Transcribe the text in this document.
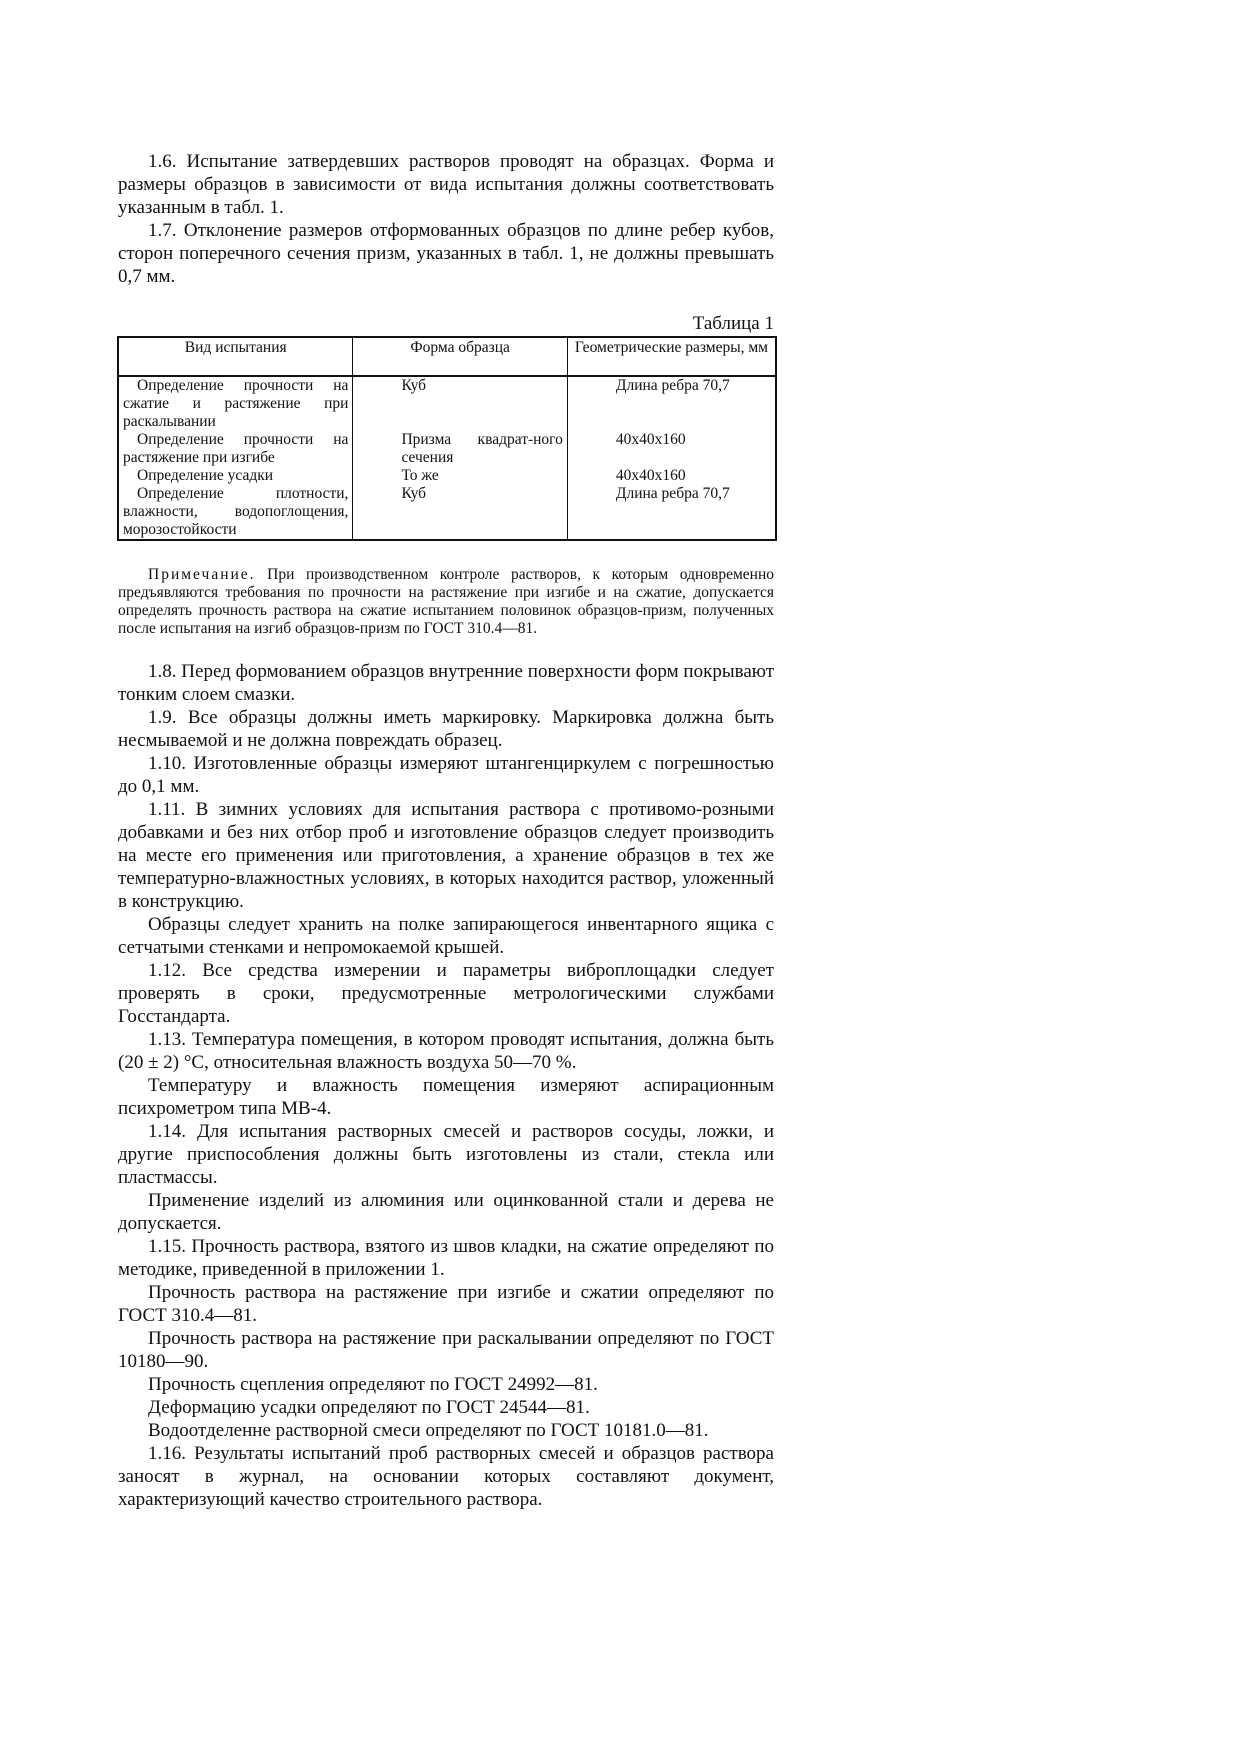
1.6. Испытание затвердевших растворов проводят на образцах. Форма и размеры образцов в зависимости от вида испытания должны соответствовать указанным в табл. 1.

1.7. Отклонение размеров отформованных образцов по длине ребер кубов, сторон поперечного сечения призм, указанных в табл. 1, не должны превышать 0,7 мм.

Таблица 1

Вид испытания	Форма образца	Геометрические размеры, мм
Определение прочности на сжатие и растяжение при раскалывании	Куб	Длина ребра 70,7
Определение прочности на растяжение при изгибе	Призма квадрат-ного сечения	40x40x160
Определение усадки	То же	40x40x160
Определение плотности, влажности, водопоглощения, морозостойкости	Куб	Длина ребра 70,7

Примечание. При производственном контроле растворов, к которым одновременно предъявляются требования по прочности на растяжение при изгибе и на сжатие, допускается определять прочность раствора на сжатие испытанием половинок образцов-призм, полученных после испытания на изгиб образцов-призм по ГОСТ 310.4—81.

1.8. Перед формованием образцов внутренние поверхности форм покрывают тонким слоем смазки.

1.9. Все образцы должны иметь маркировку. Маркировка должна быть несмываемой и не должна повреждать образец.

1.10. Изготовленные образцы измеряют штангенциркулем с погрешностью до 0,1 мм.

1.11. В зимних условиях для испытания раствора с противомо-розными добавками и без них отбор проб и изготовление образцов следует производить на месте его применения или приготовления, а хранение образцов в тех же температурно-влажностных условиях, в которых находится раствор, уложенный в конструкцию.

Образцы следует хранить на полке запирающегося инвентарного ящика с сетчатыми стенками и непромокаемой крышей.

1.12. Все средства измерении и параметры виброплощадки следует проверять в сроки, предусмотренные метрологическими службами Госстандарта.

1.13. Температура помещения, в котором проводят испытания, должна быть (20 ± 2) °С, относительная влажность воздуха 50—70 %.

Температуру и влажность помещения измеряют аспирационным психрометром типа МВ-4.

1.14. Для испытания растворных смесей и растворов сосуды, ложки, и другие приспособления должны быть изготовлены из стали, стекла или пластмассы.

Применение изделий из алюминия или оцинкованной стали и дерева не допускается.

1.15. Прочность раствора, взятого из швов кладки, на сжатие определяют по методике, приведенной в приложении 1.

Прочность раствора на растяжение при изгибе и сжатии определяют по ГОСТ 310.4—81.

Прочность раствора на растяжение при раскалывании определяют по ГОСТ 10180—90.

Прочность сцепления определяют по ГОСТ 24992—81.

Деформацию усадки определяют по ГОСТ 24544—81.

Водоотделенне растворной смеси определяют по ГОСТ 10181.0—81.

1.16. Результаты испытаний проб растворных смесей и образцов раствора заносят в журнал, на основании которых составляют документ, характеризующий качество строительного раствора.
